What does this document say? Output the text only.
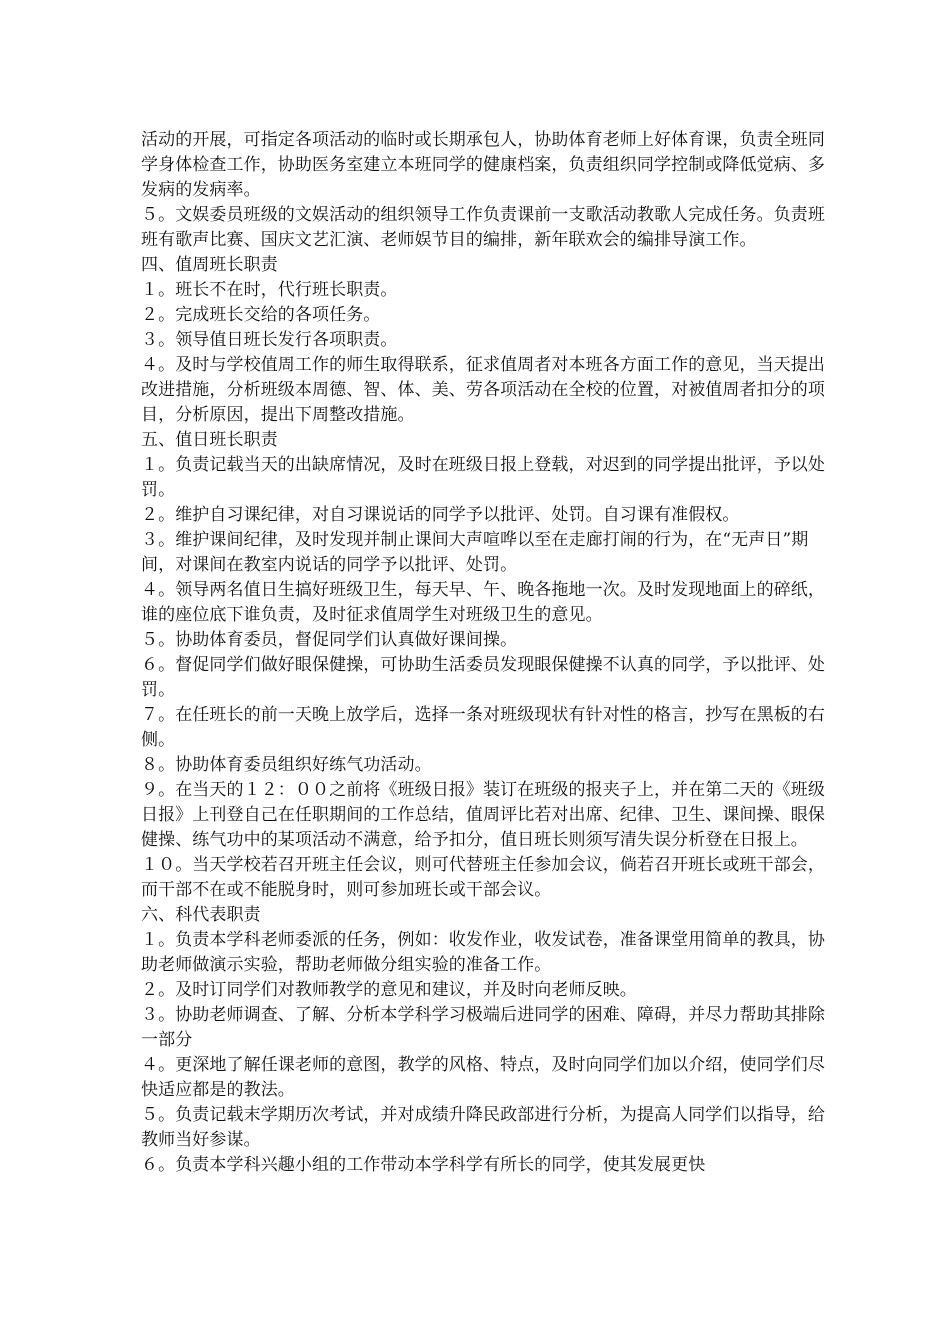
活动的开展，可指定各项活动的临时或长期承包人，协助体育老师上好体育课，负责全班同学身体检查工作，协助医务室建立本班同学的健康档案，负责组织同学控制或降低觉病、多发病的发病率。

５。文娱委员班级的文娱活动的组织领导工作负责课前一支歌活动教歌人完成任务。负责班班有歌声比赛、国庆文艺汇演、老师娱节目的编排，新年联欢会的编排导演工作。

四、值周班长职责

１。班长不在时，代行班长职责。

２。完成班长交给的各项任务。

３。领导值日班长发行各项职责。

４。及时与学校值周工作的师生取得联系，征求值周者对本班各方面工作的意见，当天提出改进措施，分析班级本周德、智、体、美、劳各项活动在全校的位置，对被值周者扣分的项目，分析原因，提出下周整改措施。

五、值日班长职责

１。负责记载当天的出缺席情况，及时在班级日报上登载，对迟到的同学提出批评，予以处罚。

２。维护自习课纪律，对自习课说话的同学予以批评、处罚。自习课有准假权。

３。维护课间纪律，及时发现并制止课间大声喧哗以至在走廊打闹的行为，在“无声日”期间，对课间在教室内说话的同学予以批评、处罚。

４。领导两名值日生搞好班级卫生，每天早、午、晚各拖地一次。及时发现地面上的碎纸，谁的座位底下谁负责，及时征求值周学生对班级卫生的意见。

５。协助体育委员，督促同学们认真做好课间操。

６。督促同学们做好眼保健操，可协助生活委员发现眼保健操不认真的同学，予以批评、处罚。

７。在任班长的前一天晚上放学后，选择一条对班级现状有针对性的格言，抄写在黑板的右侧。

８。协助体育委员组织好练气功活动。

９。在当天的１２：００之前将《班级日报》装订在班级的报夹子上，并在第二天的《班级日报》上刊登自己在任职期间的工作总结，值周评比若对出席、纪律、卫生、课间操、眼保健操、练气功中的某项活动不满意，给予扣分，值日班长则须写清失误分析登在日报上。

１０。当天学校若召开班主任会议，则可代替班主任参加会议，倘若召开班长或班干部会，而干部不在或不能脱身时，则可参加班长或干部会议。

六、科代表职责

１。负责本学科老师委派的任务，例如：收发作业，收发试卷，准备课堂用简单的教具，协助老师做演示实验，帮助老师做分组实验的准备工作。

２。及时订同学们对教师教学的意见和建议，并及时向老师反映。

３。协助老师调查、了解、分析本学科学习极端后进同学的困难、障碍，并尽力帮助其排除一部分

４。更深地了解任课老师的意图，教学的风格、特点，及时向同学们加以介绍，使同学们尽快适应都是的教法。

５。负责记载末学期历次考试，并对成绩升降民政部进行分析，为提高人同学们以指导，给教师当好参谋。

６。负责本学科兴趣小组的工作带动本学科学有所长的同学，使其发展更快
